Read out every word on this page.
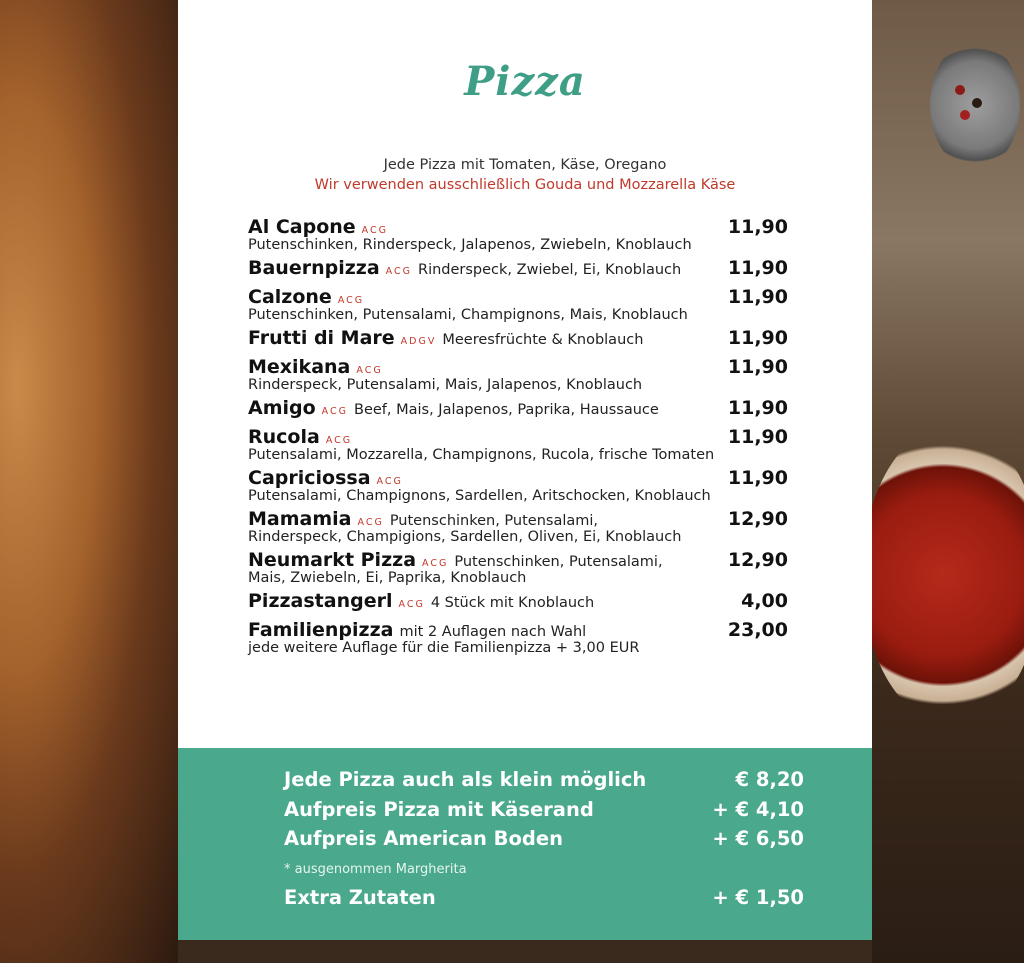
Pizza
Jede Pizza mit Tomaten, Käse, Oregano
Wir verwenden ausschließlich Gouda und Mozzarella Käse
Al Capone ACG	11,90
Putenschinken, Rinderspeck, Jalapenos, Zwiebeln, Knoblauch
Bauernpizza ACG Rinderspeck, Zwiebel, Ei, Knoblauch 11,90
Calzone ACG	11,90
Putenschinken, Putensalami, Champignons, Mais, Knoblauch
Frutti di Mare ADGV Meeresfrüchte & Knoblauch	11,90
Mexikana ACG	11,90
Rinderspeck, Putensalami, Mais, Jalapenos, Knoblauch
Amigo ACG Beef, Mais, Jalapenos, Paprika, Haussauce	11,90
Rucola ACG	11,90
Putensalami, Mozzarella, Champignons, Rucola, frische Tomaten
Capriciossa ACG	11,90
Putensalami, Champignons, Sardellen, Aritschocken, Knoblauch
Mamamia ACG Putenschinken, Putensalami,	12,90
Rinderspeck, Champigions, Sardellen, Oliven, Ei, Knoblauch
Neumarkt Pizza ACG Putenschinken, Putensalami,	12,90
Mais, Zwiebeln, Ei, Paprika, Knoblauch
Pizzastangerl ACG 4 Stück mit Knoblauch	4,00
Familienpizza mit 2 Auflagen nach Wahl	23,00
jede weitere Auflage für die Familienpizza + 3,00 EUR
Jede Pizza auch als klein möglich	€ 8,20
Aufpreis Pizza mit Käserand	+ € 4,10
Aufpreis American Boden	+ € 6,50
* ausgenommen Margherita
Extra Zutaten	+ € 1,50
